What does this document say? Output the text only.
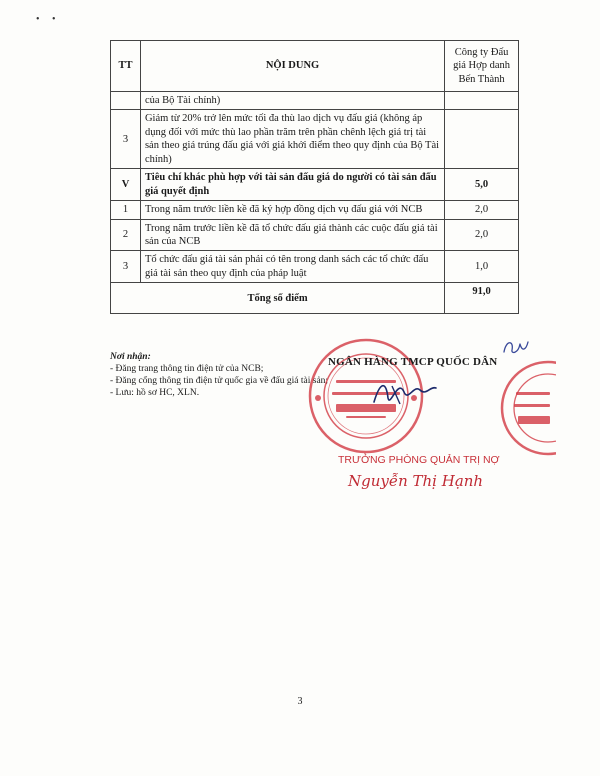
•     •
TT	NỘI DUNG	Công ty Đấu giá Hợp danh Bến Thành
	của Bộ Tài chính)	
3	Giảm từ 20% trở lên mức tối đa thù lao dịch vụ đấu giá (không áp dụng đối với mức thù lao phần trăm trên phần chênh lệch giá trị tài sản theo giá trúng đấu giá với giá khởi điểm theo quy định của Bộ Tài chính)	
V	Tiêu chí khác phù hợp với tài sản đấu giá do người có tài sản đấu giá quyết định	5,0
1	Trong năm trước liền kề đã ký hợp đồng dịch vụ đấu giá với NCB	2,0
2	Trong năm trước liền kề đã tổ chức đấu giá thành các cuộc đấu giá tài sản của NCB	2,0
3	Tổ chức đấu giá tài sản phải có tên trong danh sách các tổ chức đấu giá tài sản theo quy định của pháp luật	1,0
Tổng số điểm		91,0
Nơi nhận:
- Đăng trang thông tin điện tử của NCB;
- Đăng cổng thông tin điện tử quốc gia về đấu giá tài sản;
- Lưu: hồ sơ HC, XLN.
NGÂN HÀNG TMCP QUỐC DÂN
TRƯỞNG PHÒNG QUẢN TRỊ NỢ
Nguyễn Thị Hạnh
3
